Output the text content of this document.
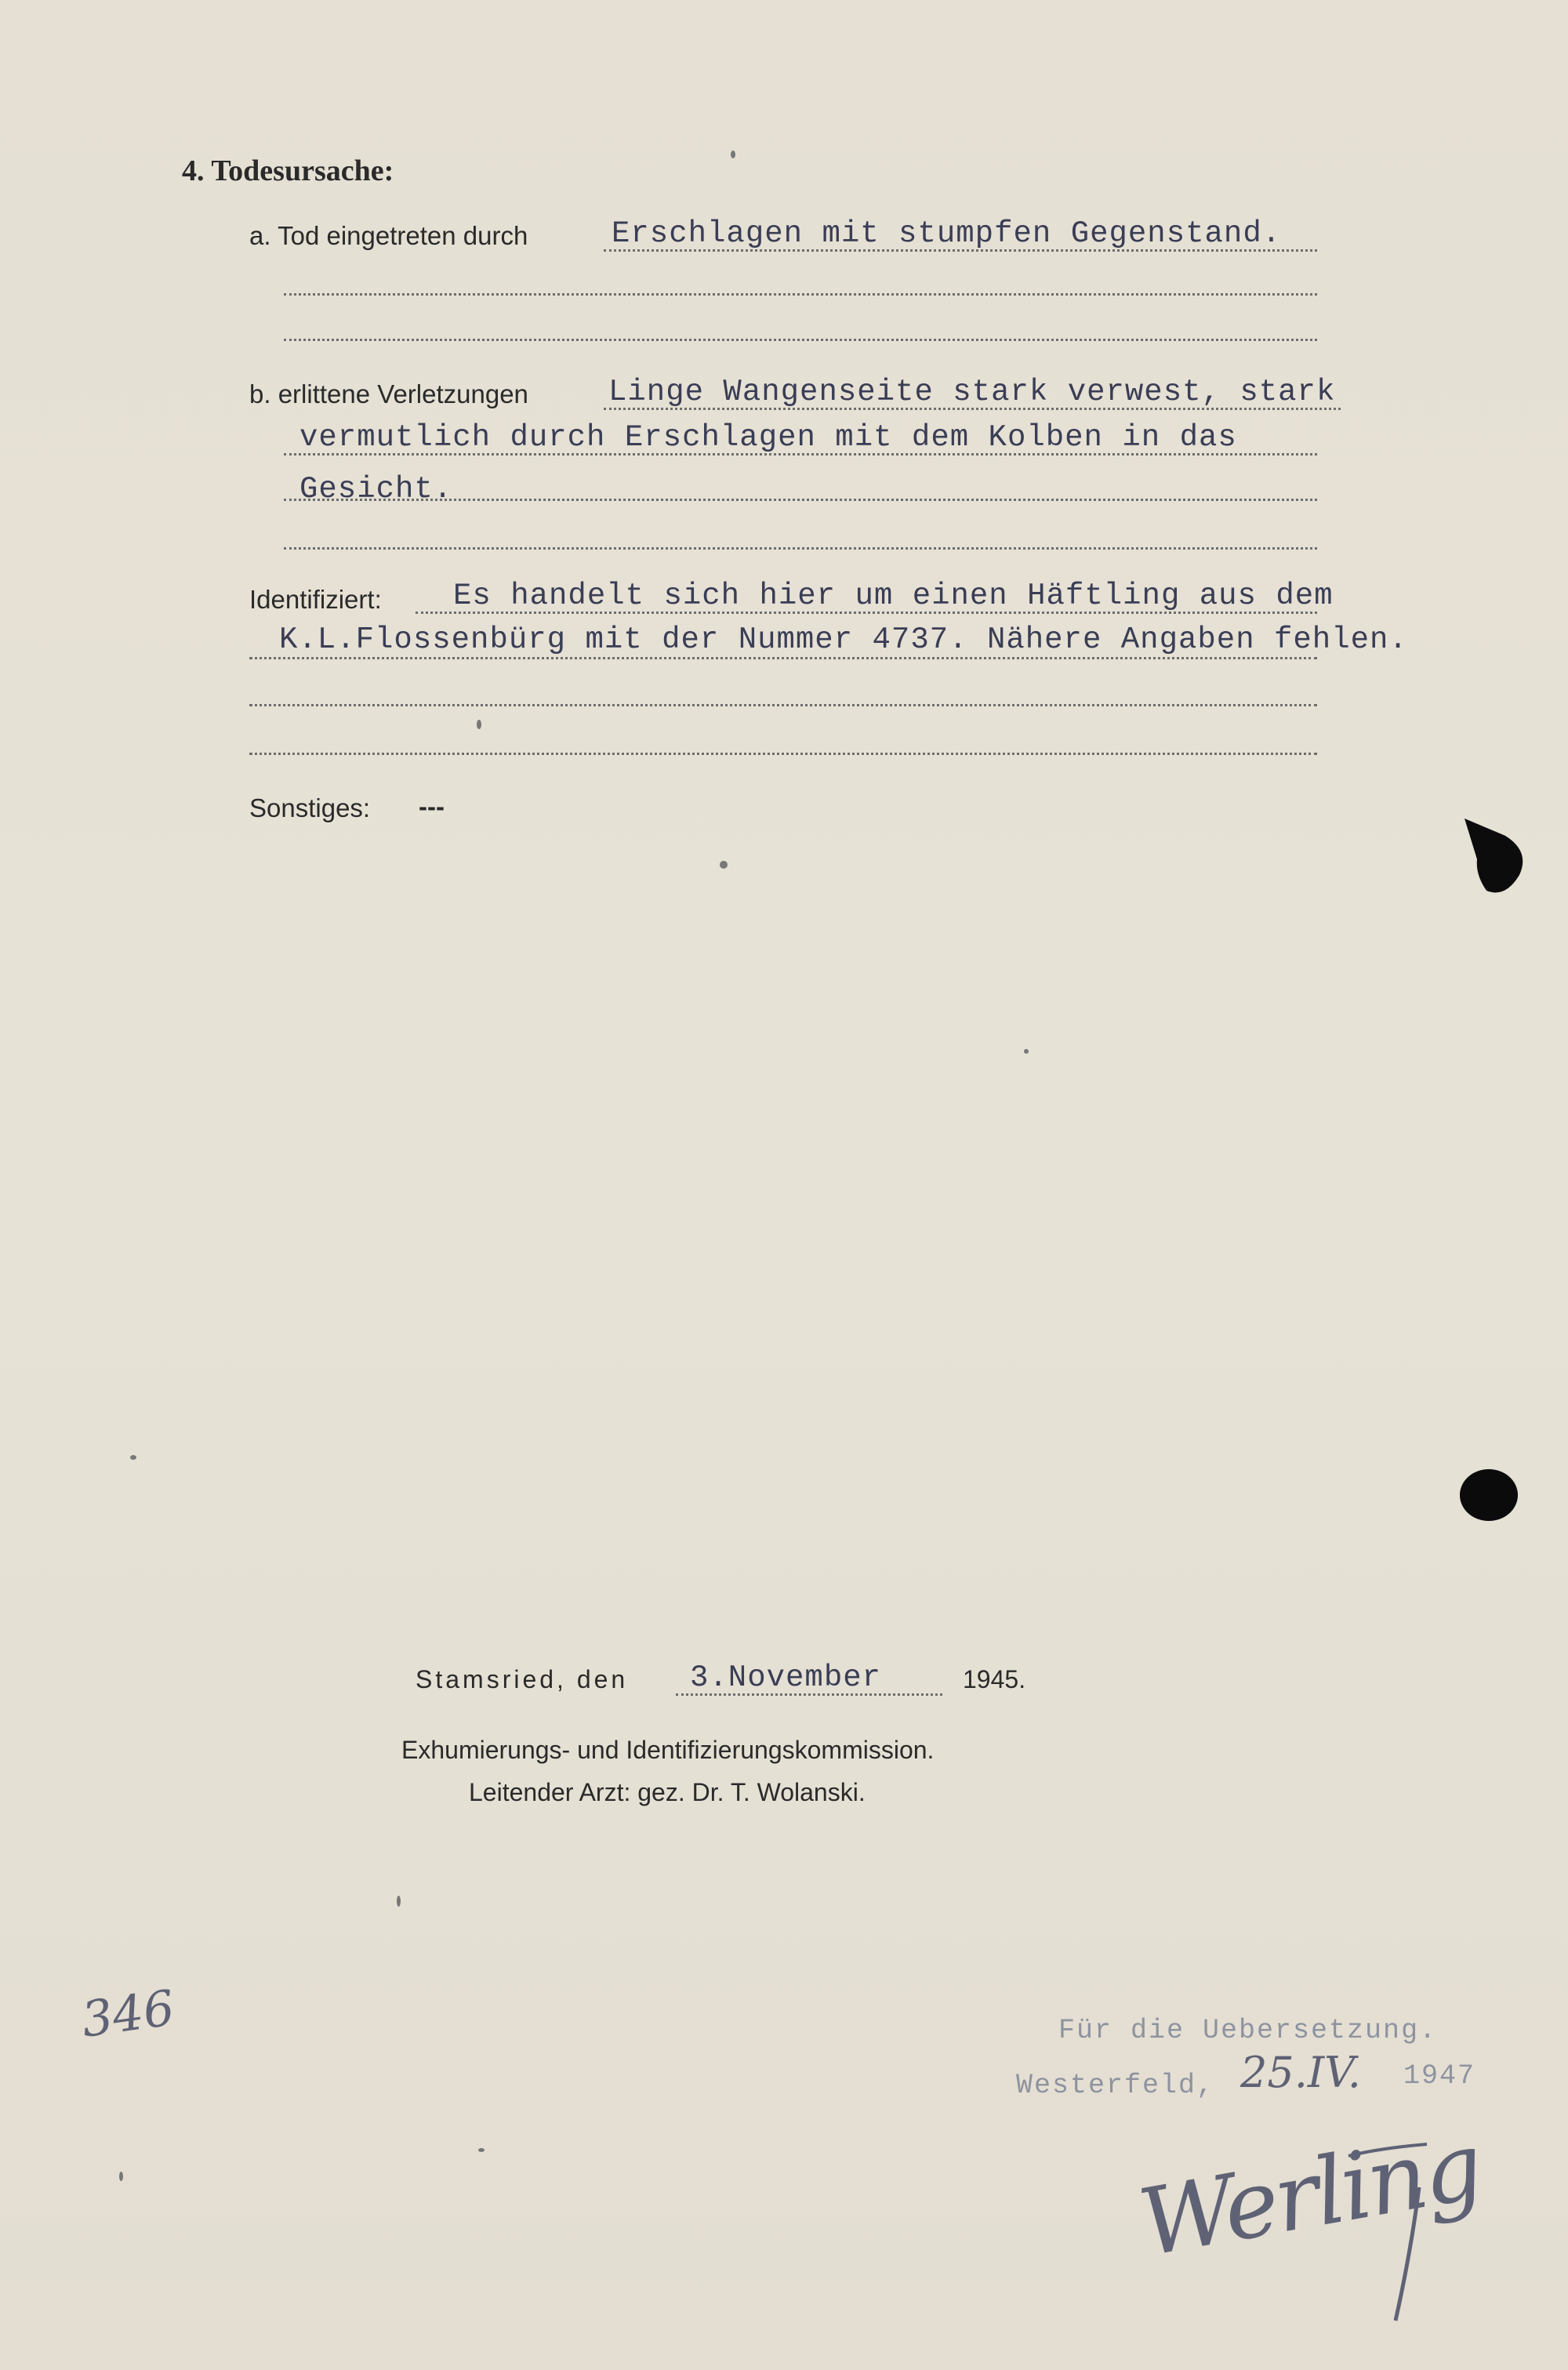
4. Todesursache:
a. Tod eingetreten durch	Erschlagen mit stumpfen Gegenstand.
b. erlittene Verletzungen	Linge Wangenseite stark verwest, stark
vermutlich durch Erschlagen mit dem Kolben in das
Gesicht.
Identifiziert: Es handelt sich hier um einen Häftling aus dem
K.L.Flossenbürg mit der Nummer 4737. Nähere Angaben fehlen.
Sonstiges: ---
Stamsried, den 3.November	1945.
Exhumierungs- und Identifizierungskommission.
Leitender Arzt: gez. Dr. T. Wolanski.
346	Für die Uebersetzung.
Westerfeld, 25.IV. 1947
Werling
